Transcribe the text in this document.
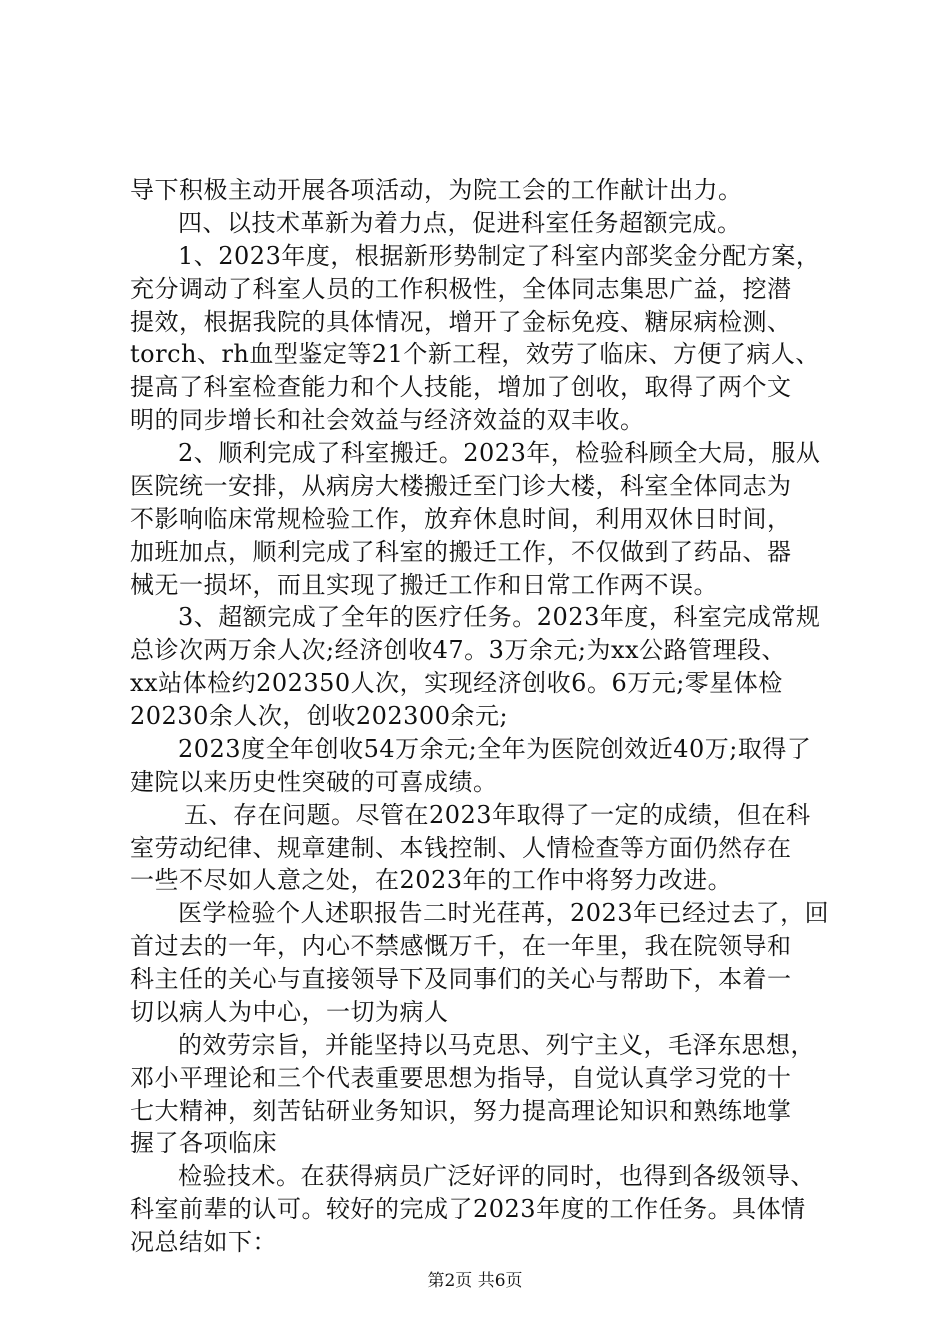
导下积极主动开展各项活动，为院工会的工作献计出力。
四、以技术革新为着力点，促进科室任务超额完成。
1、2023年度，根据新形势制定了科室内部奖金分配方案，
充分调动了科室人员的工作积极性，全体同志集思广益，挖潜
提效，根据我院的具体情况，增开了金标免疫、糖尿病检测、
torch、rh血型鉴定等21个新工程，效劳了临床、方便了病人、
提高了科室检查能力和个人技能，增加了创收，取得了两个文
明的同步增长和社会效益与经济效益的双丰收。
2、顺利完成了科室搬迁。2023年，检验科顾全大局，服从
医院统一安排，从病房大楼搬迁至门诊大楼，科室全体同志为
不影响临床常规检验工作，放弃休息时间，利用双休日时间，
加班加点，顺利完成了科室的搬迁工作，不仅做到了药品、器
械无一损坏，而且实现了搬迁工作和日常工作两不误。
3、超额完成了全年的医疗任务。2023年度，科室完成常规
总诊次两万余人次;经济创收47。3万余元;为xx公路管理段、
xx站体检约202350人次，实现经济创收6。6万元;零星体检
20230余人次，创收202300余元;
2023度全年创收54万余元;全年为医院创效近40万;取得了
建院以来历史性突破的可喜成绩。
五、存在问题。尽管在2023年取得了一定的成绩，但在科
室劳动纪律、规章建制、本钱控制、人情检查等方面仍然存在
一些不尽如人意之处，在2023年的工作中将努力改进。
医学检验个人述职报告二时光荏苒，2023年已经过去了，回
首过去的一年，内心不禁感慨万千，在一年里，我在院领导和
科主任的关心与直接领导下及同事们的关心与帮助下，本着一
切以病人为中心，一切为病人
的效劳宗旨，并能坚持以马克思、列宁主义，毛泽东思想，
邓小平理论和三个代表重要思想为指导，自觉认真学习党的十
七大精神，刻苦钻研业务知识，努力提高理论知识和熟练地掌
握了各项临床
检验技术。在获得病员广泛好评的同时，也得到各级领导、
科室前辈的认可。较好的完成了2023年度的工作任务。具体情
况总结如下：
第2页 共6页
